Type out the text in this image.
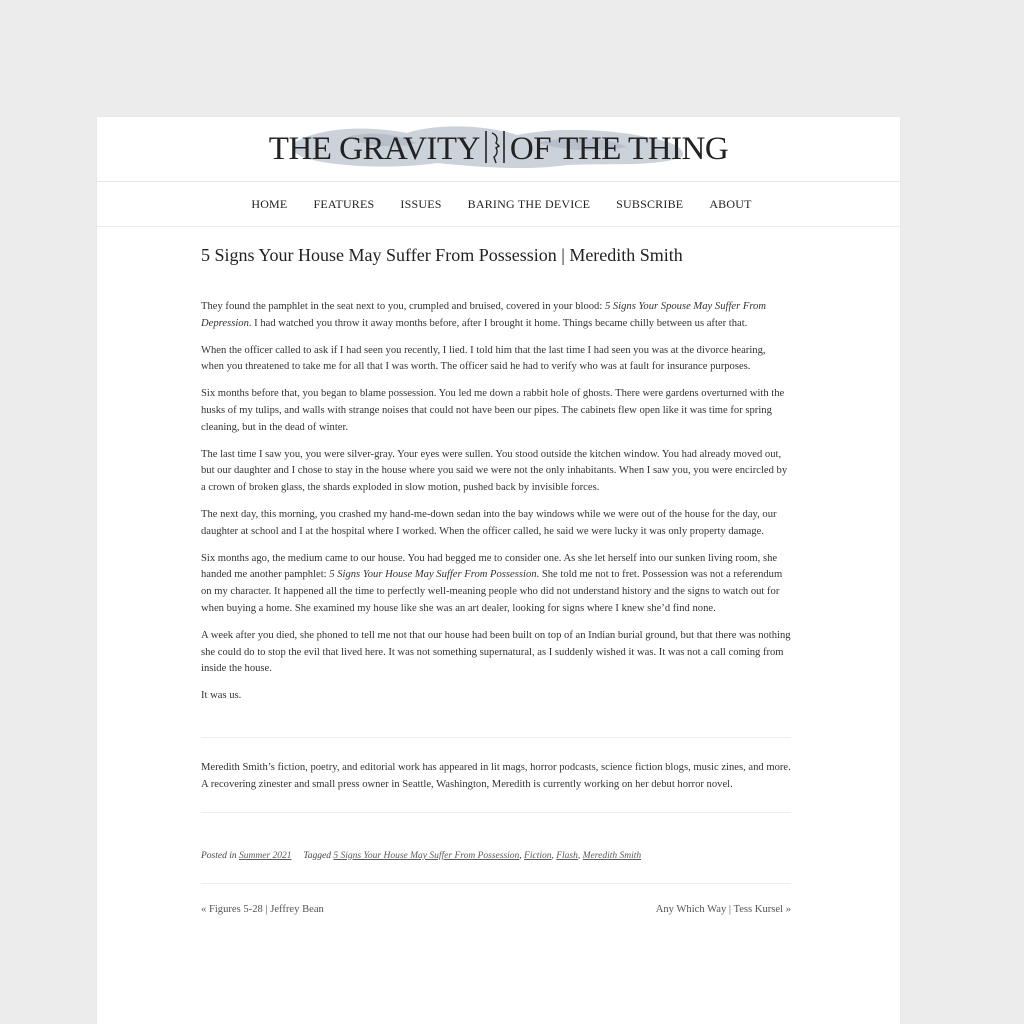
THE GRAVITY OF THE THING
HOME FEATURES ISSUES BARING THE DEVICE SUBSCRIBE ABOUT
5 Signs Your House May Suffer From Possession | Meredith Smith

They found the pamphlet in the seat next to you, crumpled and bruised, covered in your blood: 5 Signs Your Spouse May Suffer From Depression. I had watched you throw it away months before, after I brought it home. Things became chilly between us after that.

When the officer called to ask if I had seen you recently, I lied. I told him that the last time I had seen you was at the divorce hearing, when you threatened to take me for all that I was worth. The officer said he had to verify who was at fault for insurance purposes.

Six months before that, you began to blame possession. You led me down a rabbit hole of ghosts. There were gardens overturned with the husks of my tulips, and walls with strange noises that could not have been our pipes. The cabinets flew open like it was time for spring cleaning, but in the dead of winter.

The last time I saw you, you were silver-gray. Your eyes were sullen. You stood outside the kitchen window. You had already moved out, but our daughter and I chose to stay in the house where you said we were not the only inhabitants. When I saw you, you were encircled by a crown of broken glass, the shards exploded in slow motion, pushed back by invisible forces.

The next day, this morning, you crashed my hand-me-down sedan into the bay windows while we were out of the house for the day, our daughter at school and I at the hospital where I worked. When the officer called, he said we were lucky it was only property damage.

Six months ago, the medium came to our house. You had begged me to consider one. As she let herself into our sunken living room, she handed me another pamphlet: 5 Signs Your House May Suffer From Possession. She told me not to fret. Possession was not a referendum on my character. It happened all the time to perfectly well-meaning people who did not understand history and the signs to watch out for when buying a home. She examined my house like she was an art dealer, looking for signs where I knew she’d find none.

A week after you died, she phoned to tell me not that our house had been built on top of an Indian burial ground, but that there was nothing she could do to stop the evil that lived here. It was not something supernatural, as I suddenly wished it was. It was not a call coming from inside the house.

It was us.

Meredith Smith’s fiction, poetry, and editorial work has appeared in lit mags, horror podcasts, science fiction blogs, music zines, and more. A recovering zinester and small press owner in Seattle, Washington, Meredith is currently working on her debut horror novel.

Posted in Summer 2021 Tagged 5 Signs Your House May Suffer From Possession, Fiction, Flash, Meredith Smith
« Figures 5-28 | Jeffrey Bean	Any Which Way | Tess Kursel »
